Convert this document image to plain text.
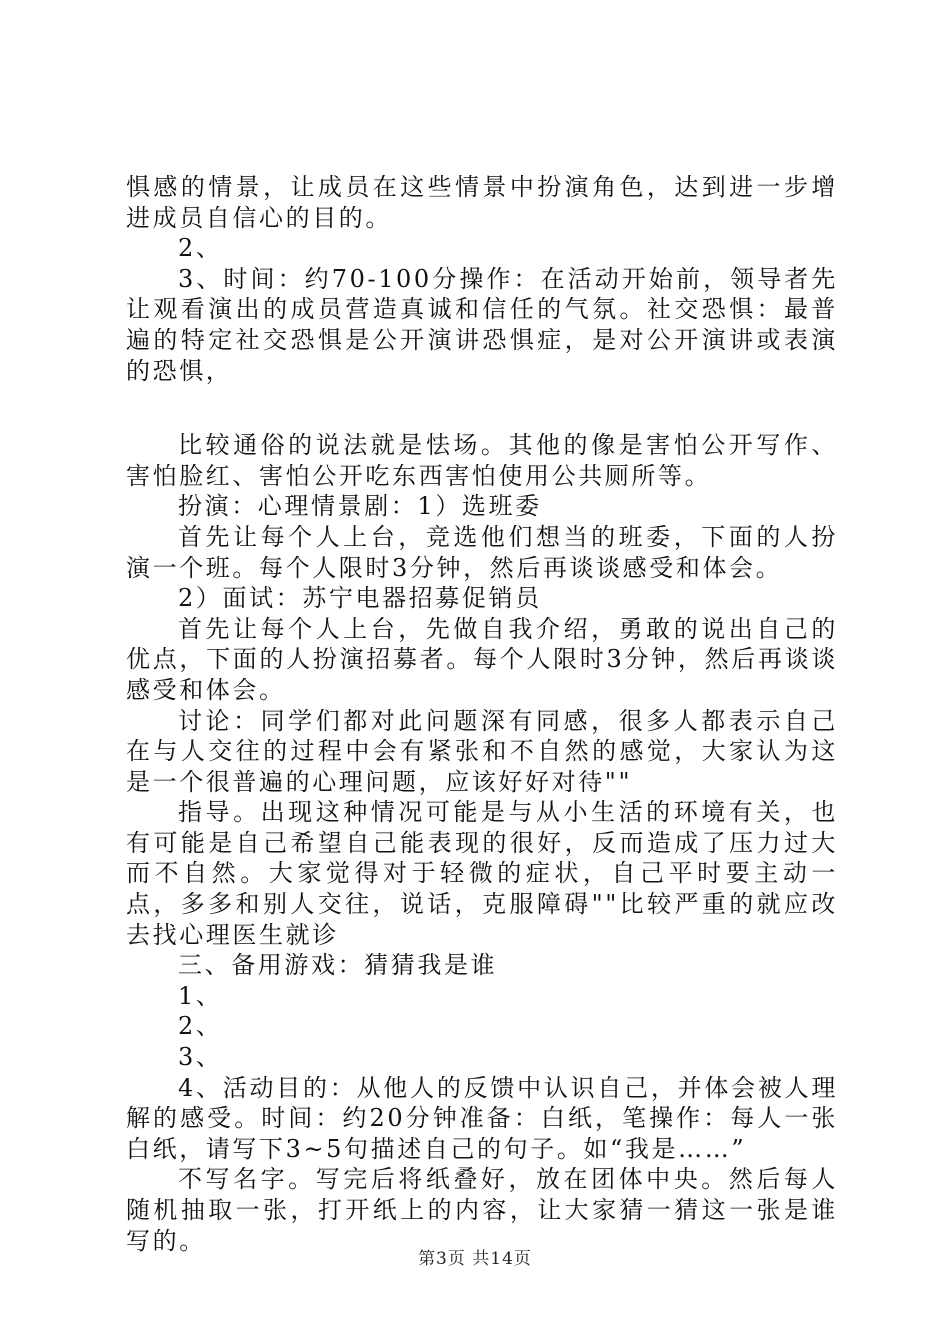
惧感的情景，让成员在这些情景中扮演角色，达到进一步增进成员自信心的目的。

2、

3、时间：约70-100分操作：在活动开始前，领导者先让观看演出的成员营造真诚和信任的气氛。社交恐惧：最普遍的特定社交恐惧是公开演讲恐惧症，是对公开演讲或表演的恐惧，

比较通俗的说法就是怯场。其他的像是害怕公开写作、害怕脸红、害怕公开吃东西害怕使用公共厕所等。

扮演：心理情景剧：1）选班委

首先让每个人上台，竞选他们想当的班委，下面的人扮演一个班。每个人限时3分钟，然后再谈谈感受和体会。

2）面试：苏宁电器招募促销员

首先让每个人上台，先做自我介绍，勇敢的说出自己的优点，下面的人扮演招募者。每个人限时3分钟，然后再谈谈感受和体会。

讨论：同学们都对此问题深有同感，很多人都表示自己在与人交往的过程中会有紧张和不自然的感觉，大家认为这是一个很普遍的心理问题，应该好好对待""

指导。出现这种情况可能是与从小生活的环境有关，也有可能是自己希望自己能表现的很好，反而造成了压力过大而不自然。大家觉得对于轻微的症状，自己平时要主动一点，多多和别人交往，说话，克服障碍""比较严重的就应改去找心理医生就诊

三、备用游戏：猜猜我是谁

1、

2、

3、

4、活动目的：从他人的反馈中认识自己，并体会被人理解的感受。时间：约20分钟准备：白纸，笔操作：每人一张白纸，请写下3~5句描述自己的句子。如“我是……”

不写名字。写完后将纸叠好，放在团体中央。然后每人随机抽取一张，打开纸上的内容，让大家猜一猜这一张是谁写的。

第3页 共14页
